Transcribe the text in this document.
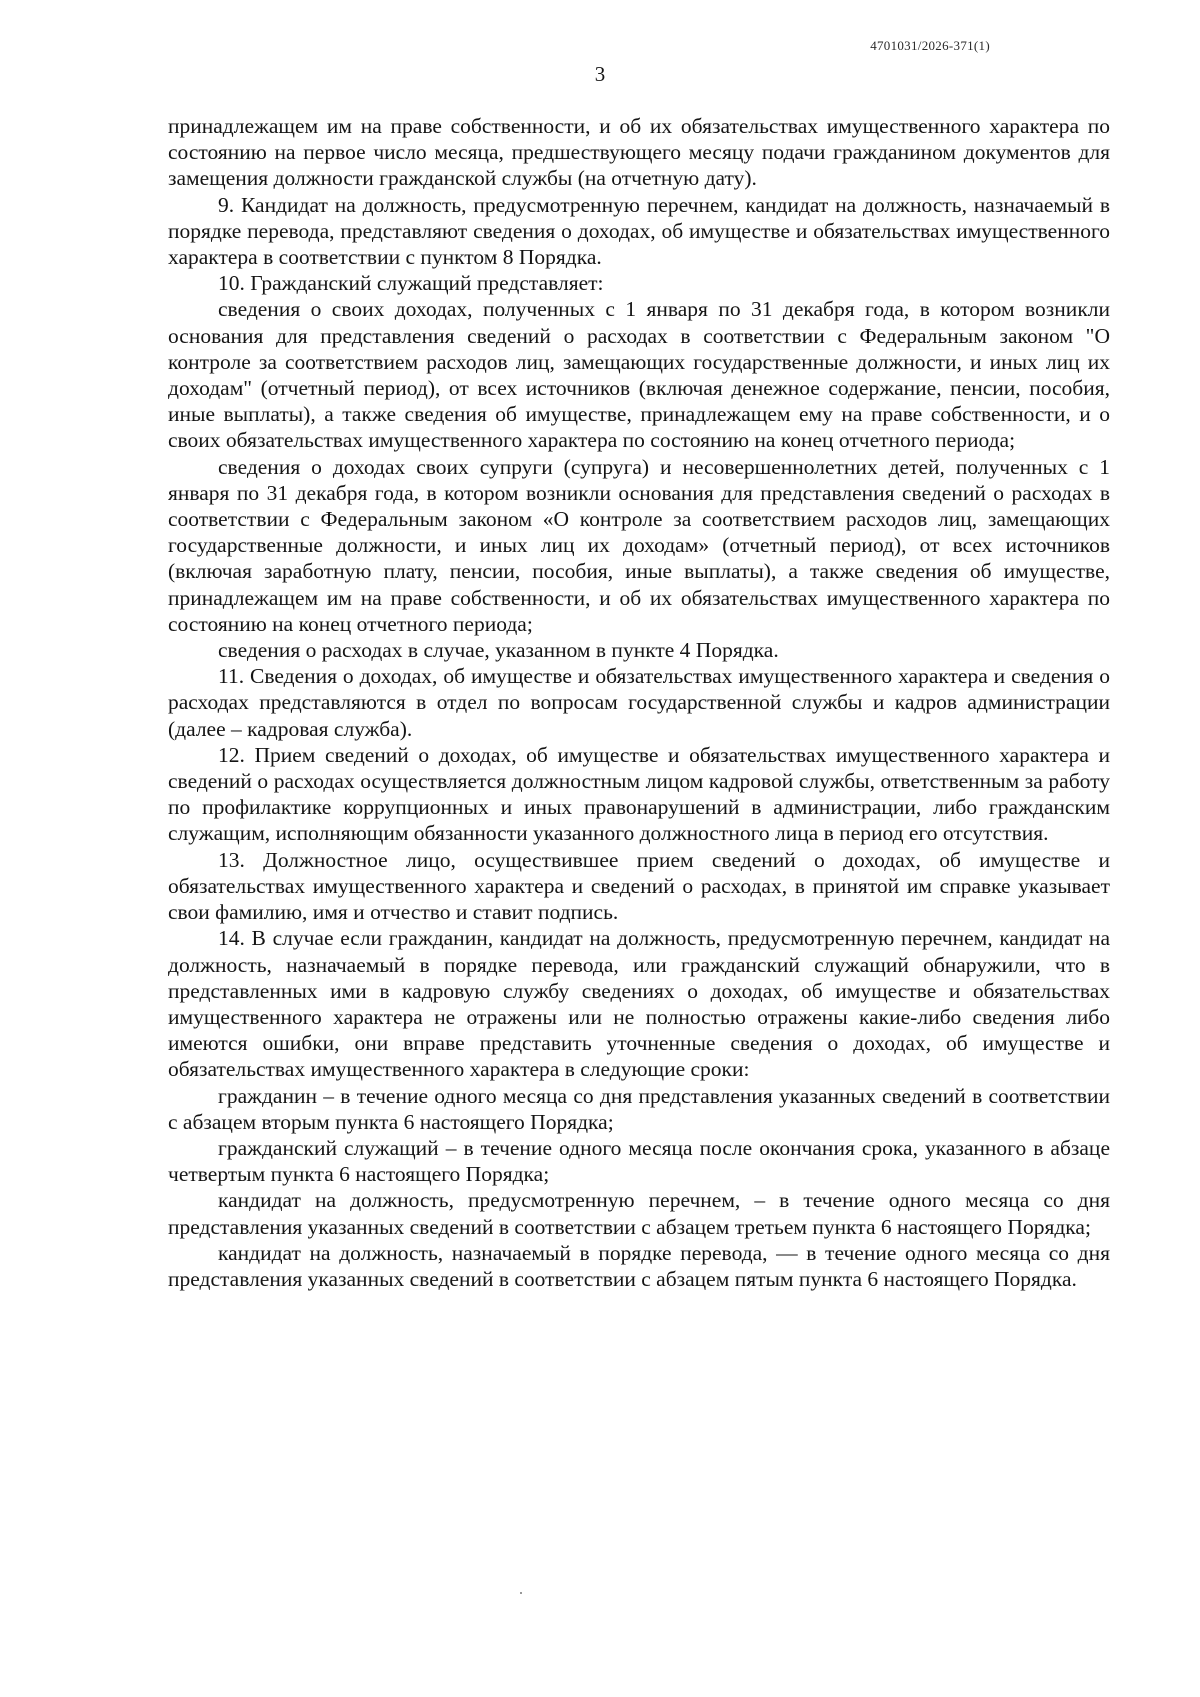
4701031/2026-371(1)
3

принадлежащем им на праве собственности, и об их обязательствах имущественного характера по состоянию на первое число месяца, предшествующего месяцу подачи гражданином документов для замещения должности гражданской службы (на отчетную дату).

9. Кандидат на должность, предусмотренную перечнем, кандидат на должность, назначаемый в порядке перевода, представляют сведения о доходах, об имуществе и обязательствах имущественного характера в соответствии с пунктом 8 Порядка.

10. Гражданский служащий представляет:

сведения о своих доходах, полученных с 1 января по 31 декабря года, в котором возникли основания для представления сведений о расходах в соответствии с Федеральным законом "О контроле за соответствием расходов лиц, замещающих государственные должности, и иных лиц их доходам" (отчетный период), от всех источников (включая денежное содержание, пенсии, пособия, иные выплаты), а также сведения об имуществе, принадлежащем ему на праве собственности, и о своих обязательствах имущественного характера по состоянию на конец отчетного периода;

сведения о доходах своих супруги (супруга) и несовершеннолетних детей, полученных с 1 января по 31 декабря года, в котором возникли основания для представления сведений о расходах в соответствии с Федеральным законом «О контроле за соответствием расходов лиц, замещающих государственные должности, и иных лиц их доходам» (отчетный период), от всех источников (включая заработную плату, пенсии, пособия, иные выплаты), а также сведения об имуществе, принадлежащем им на праве собственности, и об их обязательствах имущественного характера по состоянию на конец отчетного периода;

сведения о расходах в случае, указанном в пункте 4 Порядка.

11. Сведения о доходах, об имуществе и обязательствах имущественного характера и сведения о расходах представляются в отдел по вопросам государственной службы и кадров администрации (далее – кадровая служба).

12. Прием сведений о доходах, об имуществе и обязательствах имущественного характера и сведений о расходах осуществляется должностным лицом кадровой службы, ответственным за работу по профилактике коррупционных и иных правонарушений в администрации, либо гражданским служащим, исполняющим обязанности указанного должностного лица в период его отсутствия.

13. Должностное лицо, осуществившее прием сведений о доходах, об имуществе и обязательствах имущественного характера и сведений о расходах, в принятой им справке указывает свои фамилию, имя и отчество и ставит подпись.

14. В случае если гражданин, кандидат на должность, предусмотренную перечнем, кандидат на должность, назначаемый в порядке перевода, или гражданский служащий обнаружили, что в представленных ими в кадровую службу сведениях о доходах, об имуществе и обязательствах имущественного характера не отражены или не полностью отражены какие-либо сведения либо имеются ошибки, они вправе представить уточненные сведения о доходах, об имуществе и обязательствах имущественного характера в следующие сроки:

гражданин – в течение одного месяца со дня представления указанных сведений в соответствии с абзацем вторым пункта 6 настоящего Порядка;

гражданский служащий – в течение одного месяца после окончания срока, указанного в абзаце четвертым пункта 6 настоящего Порядка;

кандидат на должность, предусмотренную перечнем, – в течение одного месяца со дня представления указанных сведений в соответствии с абзацем третьем пункта 6 настоящего Порядка;

кандидат на должность, назначаемый в порядке перевода, — в течение одного месяца со дня представления указанных сведений в соответствии с абзацем пятым пункта 6 настоящего Порядка.
